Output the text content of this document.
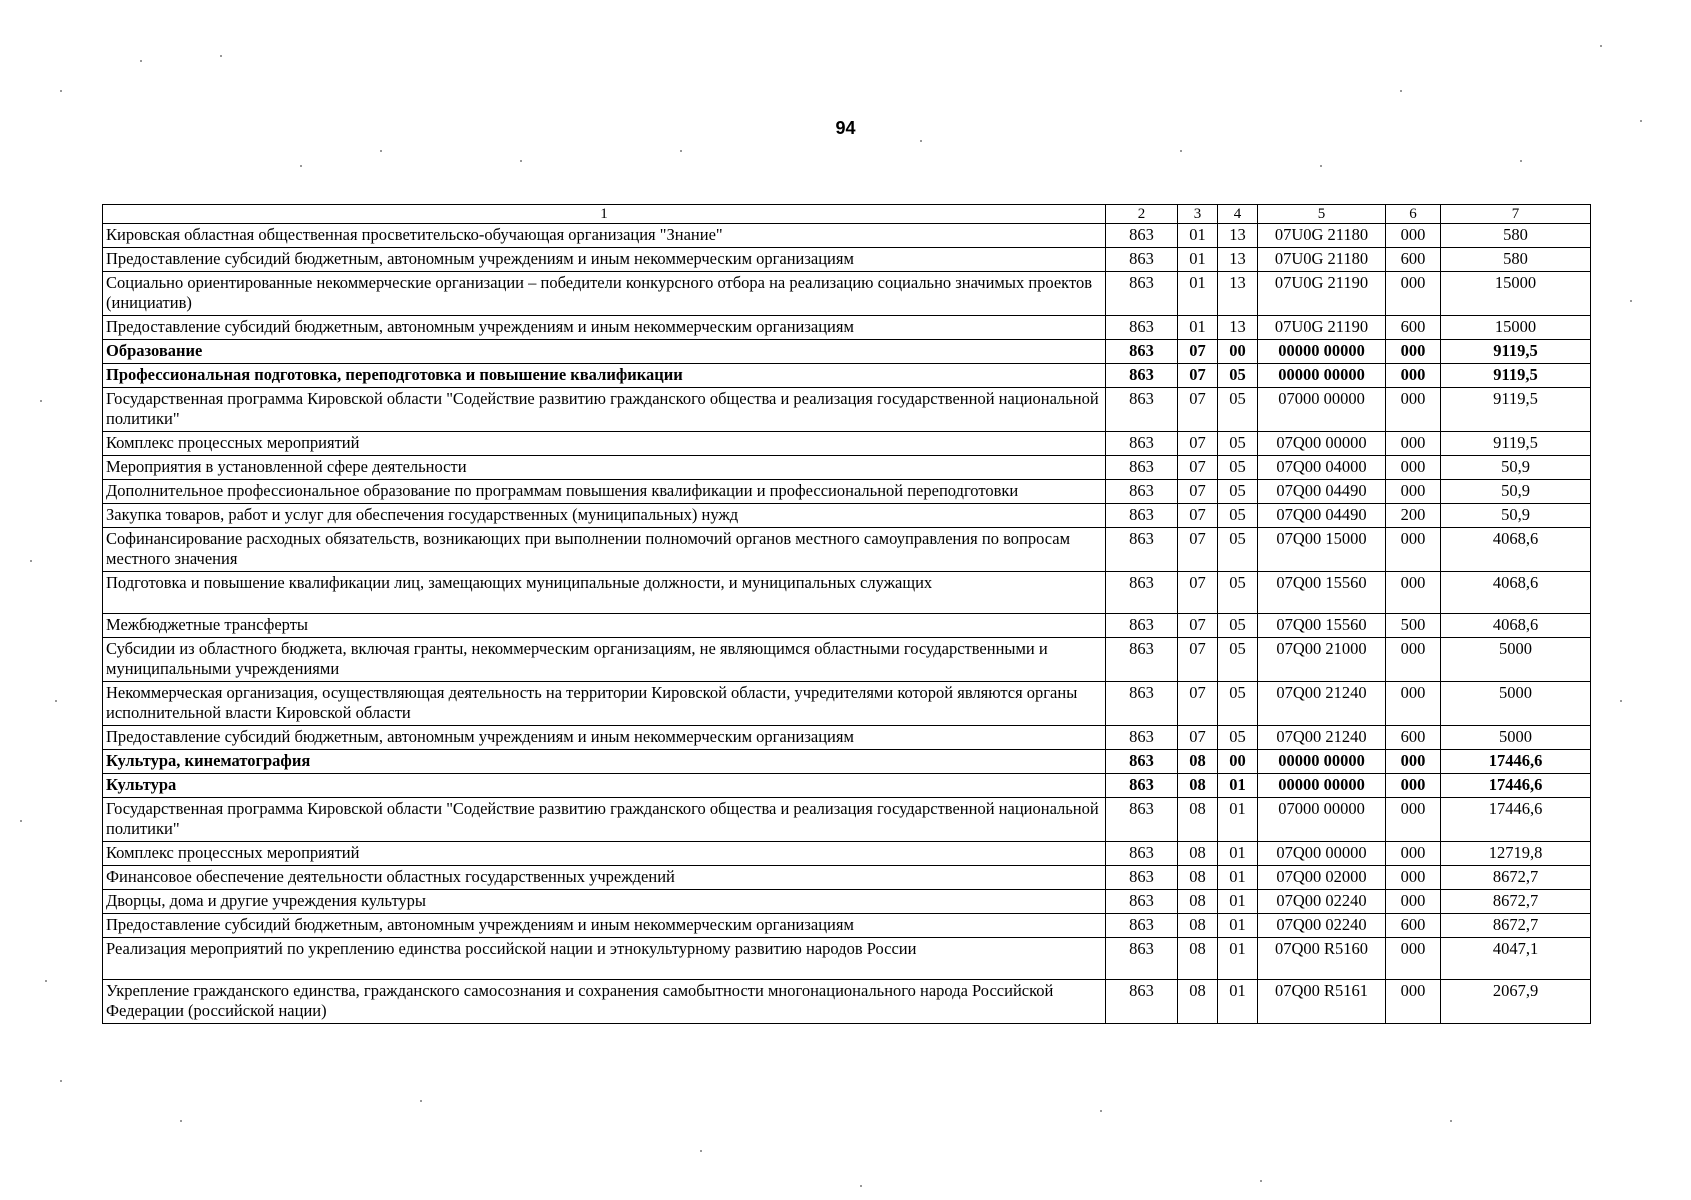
94
1	2	3	4	5	6	7
Кировская областная общественная просветительско-обучающая организация "Знание"	863	01	13	07U0G 21180	000	580
Предоставление субсидий бюджетным, автономным учреждениям и иным некоммерческим организациям	863	01	13	07U0G 21180	600	580
Социально ориентированные некоммерческие организации – победители конкурсного отбора на реализацию социально значимых проектов (инициатив)	863	01	13	07U0G 21190	000	15000
Предоставление субсидий бюджетным, автономным учреждениям и иным некоммерческим организациям	863	01	13	07U0G 21190	600	15000
Образование	863	07	00	00000 00000	000	9119,5
Профессиональная подготовка, переподготовка и повышение квалификации	863	07	05	00000 00000	000	9119,5
Государственная программа Кировской области "Содействие развитию гражданского общества и реализация государственной национальной политики"	863	07	05	07000 00000	000	9119,5
Комплекс процессных мероприятий	863	07	05	07Q00 00000	000	9119,5
Мероприятия в установленной сфере деятельности	863	07	05	07Q00 04000	000	50,9
Дополнительное профессиональное образование по программам повышения квалификации и профессиональной переподготовки	863	07	05	07Q00 04490	000	50,9
Закупка товаров, работ и услуг для обеспечения государственных (муниципальных) нужд	863	07	05	07Q00 04490	200	50,9
Софинансирование расходных обязательств, возникающих при выполнении полномочий органов местного самоуправления по вопросам местного значения	863	07	05	07Q00 15000	000	4068,6
Подготовка и повышение квалификации лиц, замещающих муниципальные должности, и муниципальных служащих	863	07	05	07Q00 15560	000	4068,6
Межбюджетные трансферты	863	07	05	07Q00 15560	500	4068,6
Субсидии из областного бюджета, включая гранты, некоммерческим организациям, не являющимся областными государственными и муниципальными учреждениями	863	07	05	07Q00 21000	000	5000
Некоммерческая организация, осуществляющая деятельность на территории Кировской области, учредителями которой являются органы исполнительной власти Кировской области	863	07	05	07Q00 21240	000	5000
Предоставление субсидий бюджетным, автономным учреждениям и иным некоммерческим организациям	863	07	05	07Q00 21240	600	5000
Культура, кинематография	863	08	00	00000 00000	000	17446,6
Культура	863	08	01	00000 00000	000	17446,6
Государственная программа Кировской области "Содействие развитию гражданского общества и реализация государственной национальной политики"	863	08	01	07000 00000	000	17446,6
Комплекс процессных мероприятий	863	08	01	07Q00 00000	000	12719,8
Финансовое обеспечение деятельности областных государственных учреждений	863	08	01	07Q00 02000	000	8672,7
Дворцы, дома и другие учреждения культуры	863	08	01	07Q00 02240	000	8672,7
Предоставление субсидий бюджетным, автономным учреждениям и иным некоммерческим организациям	863	08	01	07Q00 02240	600	8672,7
Реализация мероприятий по укреплению единства российской нации и этнокультурному развитию народов России	863	08	01	07Q00 R5160	000	4047,1
Укрепление гражданского единства, гражданского самосознания и сохранения самобытности многонационального народа Российской Федерации (российской нации)	863	08	01	07Q00 R5161	000	2067,9
